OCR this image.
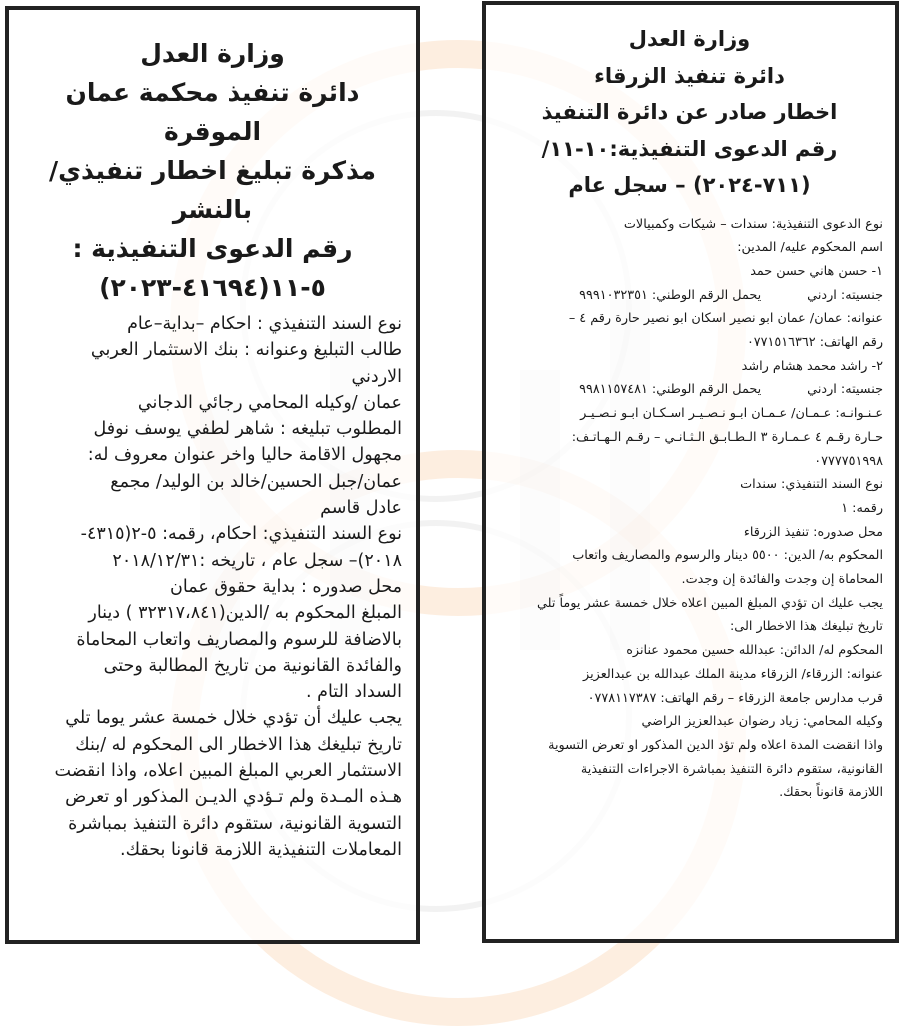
وزارة العدل

دائرة تنفيذ محكمة عمان

الموقرة

مذكرة تبليغ اخطار تنفيذي/

بالنشر

رقم الدعوى التنفيذية :

٥-١١(٤١٦٩٤-٢٠٢٣)

نوع السند التنفيذي : احكام –بداية–عام
طالب التبليغ وعنوانه : بنك الاستثمار العربي
الاردني
عمان /وكيله المحامي رجائي الدجاني
المطلوب تبليغه : شاهر لطفي يوسف نوفل
مجهول الاقامة حاليا واخر عنوان معروف له:
عمان/جبل الحسين/خالد بن الوليد/ مجمع
عادل قاسم
نوع السند التنفيذي: احكام، رقمه: ٥-٢(٤٣١٥-
٢٠١٨)– سجل عام ، تاريخه :٢٠١٨/١٢/٣١
محل صدوره : بداية حقوق عمان
المبلغ المحكوم به /الدين(٣٢٣١٧،٨٤١ ) دينار
بالاضافة للرسوم والمصاريف واتعاب المحاماة
والفائدة القانونية من تاريخ المطالبة وحتى
السداد التام .
يجب عليك أن تؤدي خلال خمسة عشر يوما تلي
تاريخ تبليغك هذا الاخطار الى المحكوم له /بنك
الاستثمار العربي المبلغ المبين اعلاه، واذا انقضت
هـذه المـدة ولم تـؤدي الديـن المذكور او تعرض
التسوية القانونية، ستقوم دائرة التنفيذ بمباشرة
المعاملات التنفيذية اللازمة قانونا بحقك.

وزارة العدل

دائرة تنفيذ الزرقاء

اخطار صادر عن دائرة التنفيذ

رقم الدعوى التنفيذية:١٠-١١/

(٧١١-٢٠٢٤) – سجل عام

نوع الدعوى التنفيذية: سندات – شيكات وكمبيالات
اسم المحكوم عليه/ المدين:
١- حسن هاني حسن حمد
جنسيته: اردنييحمل الرقم الوطني: ٩٩٩١٠٣٢٣٥١
عنوانه: عمان/ عمان ابو نصير اسكان ابو نصير حارة رقم ٤ –
رقم الهاتف: ٠٧٧١٥١٦٣٦٢
٢- راشد محمد هشام راشد
جنسيته: اردنييحمل الرقم الوطني: ٩٩٨١١٥٧٤٨١
عـنـوانـه: عـمـان/ عـمـان ابـو نـصـيـر اسـكـان ابـو نـصـيـر
حـارة رقـم ٤ عـمـارة ٣ الـطـابـق الـثـانـي – رقـم الـهـاتـف:
٠٧٧٧٧٥١٩٩٨
نوع السند التنفيذي: سندات
رقمه: ١
محل صدوره: تنفيذ الزرقاء
المحكوم به/ الدين: ٥٥٠٠ دينار والرسوم والمصاريف واتعاب
المحاماة إن وجدت والفائدة إن وجدت.
يجب عليك ان تؤدي المبلغ المبين اعلاه خلال خمسة عشر يوماً تلي
تاريخ تبليغك هذا الاخطار الى:
المحكوم له/ الدائن: عبدالله حسين محمود عنانزه
عنوانه: الزرقاء/ الزرقاء مدينة الملك عبدالله بن عبدالعزيز
قرب مدارس جامعة الزرقاء – رقم الهاتف: ٠٧٧٨١١٧٣٨٧
وكيله المحامي: زياد رضوان عبدالعزيز الراضي
واذا انقضت المدة اعلاه ولم تؤد الدين المذكور او تعرض التسوية
القانونية، ستقوم دائرة التنفيذ بمباشرة الاجراءات التنفيذية
اللازمة قانوناً بحقك.
